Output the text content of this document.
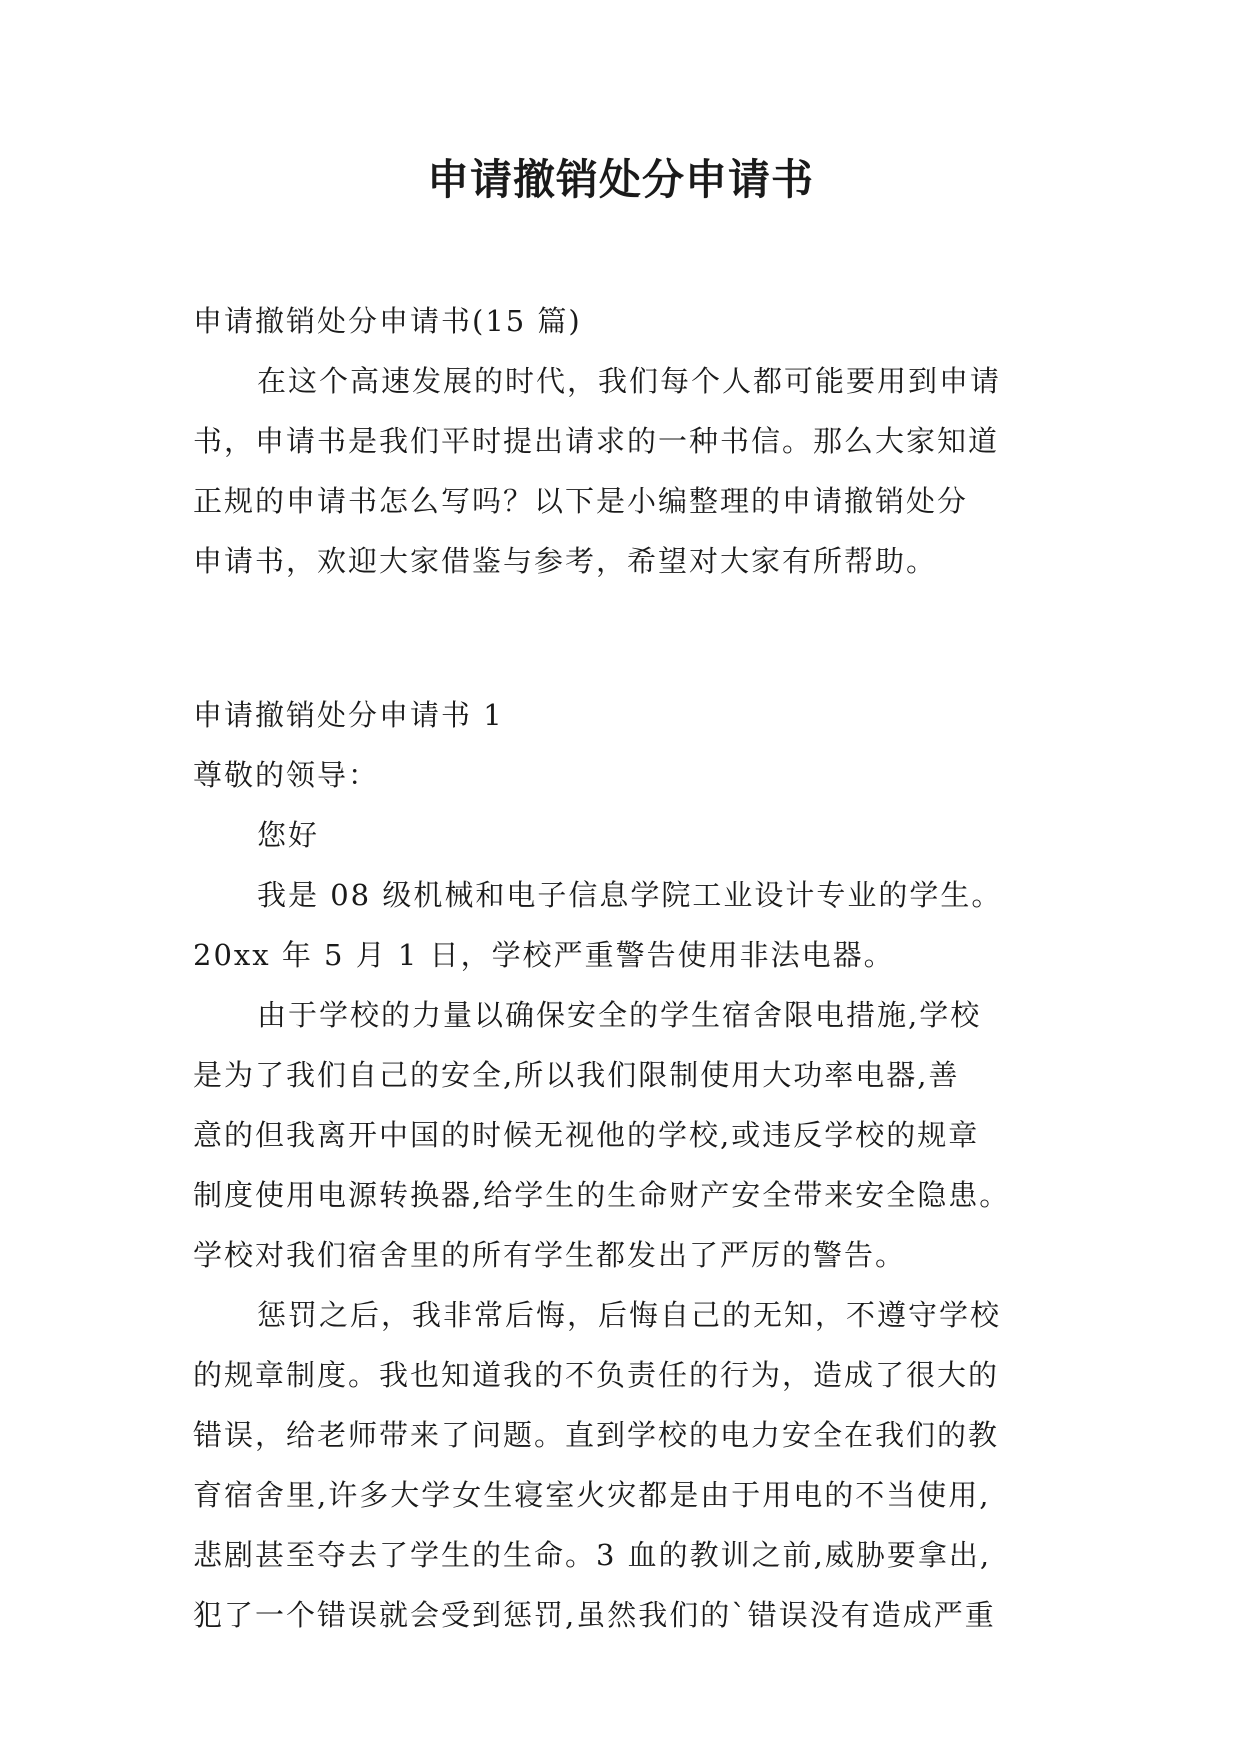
申请撤销处分申请书

申请撤销处分申请书(15 篇)

在这个高速发展的时代，我们每个人都可能要用到申请

书，申请书是我们平时提出请求的一种书信。那么大家知道

正规的申请书怎么写吗？以下是小编整理的申请撤销处分

申请书，欢迎大家借鉴与参考，希望对大家有所帮助。

申请撤销处分申请书 1

尊敬的领导：

您好

我是 08 级机械和电子信息学院工业设计专业的学生。

20xx 年 5 月 1 日，学校严重警告使用非法电器。

由于学校的力量以确保安全的学生宿舍限电措施,学校

是为了我们自己的安全,所以我们限制使用大功率电器,善

意的但我离开中国的时候无视他的学校,或违反学校的规章

制度使用电源转换器,给学生的生命财产安全带来安全隐患。

学校对我们宿舍里的所有学生都发出了严厉的警告。

惩罚之后，我非常后悔，后悔自己的无知，不遵守学校

的规章制度。我也知道我的不负责任的行为，造成了很大的

错误，给老师带来了问题。直到学校的电力安全在我们的教

育宿舍里,许多大学女生寝室火灾都是由于用电的不当使用,

悲剧甚至夺去了学生的生命。3 血的教训之前,威胁要拿出,

犯了一个错误就会受到惩罚,虽然我们的`错误没有造成严重
